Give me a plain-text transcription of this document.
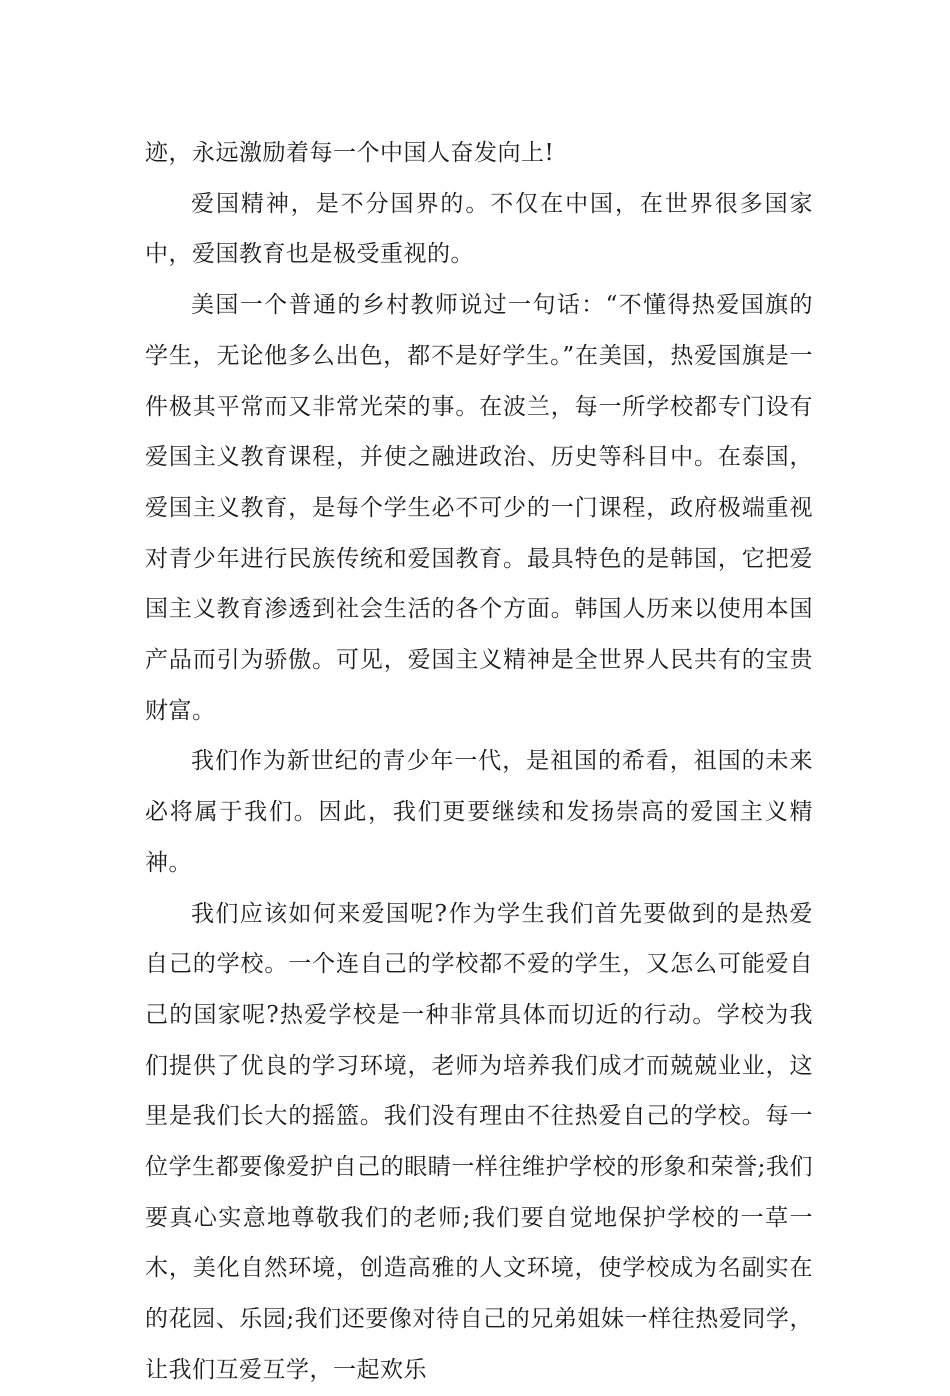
迹，永远激励着每一个中国人奋发向上!

爱国精神，是不分国界的。不仅在中国，在世界很多国家中，爱国教育也是极受重视的。

美国一个普通的乡村教师说过一句话：“不懂得热爱国旗的学生，无论他多么出色，都不是好学生。”在美国，热爱国旗是一件极其平常而又非常光荣的事。在波兰，每一所学校都专门设有爱国主义教育课程，并使之融进政治、历史等科目中。在泰国，爱国主义教育，是每个学生必不可少的一门课程，政府极端重视对青少年进行民族传统和爱国教育。最具特色的是韩国，它把爱国主义教育渗透到社会生活的各个方面。韩国人历来以使用本国产品而引为骄傲。可见，爱国主义精神是全世界人民共有的宝贵财富。

我们作为新世纪的青少年一代，是祖国的希看，祖国的未来必将属于我们。因此，我们更要继续和发扬崇高的爱国主义精神。

我们应该如何来爱国呢?作为学生我们首先要做到的是热爱自己的学校。一个连自己的学校都不爱的学生，又怎么可能爱自己的国家呢?热爱学校是一种非常具体而切近的行动。学校为我们提供了优良的学习环境，老师为培养我们成才而兢兢业业，这里是我们长大的摇篮。我们没有理由不往热爱自己的学校。每一位学生都要像爱护自己的眼睛一样往维护学校的形象和荣誉;我们要真心实意地尊敬我们的老师;我们要自觉地保护学校的一草一木，美化自然环境，创造高雅的人文环境，使学校成为名副实在的花园、乐园;我们还要像对待自己的兄弟姐妹一样往热爱同学，让我们互爱互学，一起欢乐
